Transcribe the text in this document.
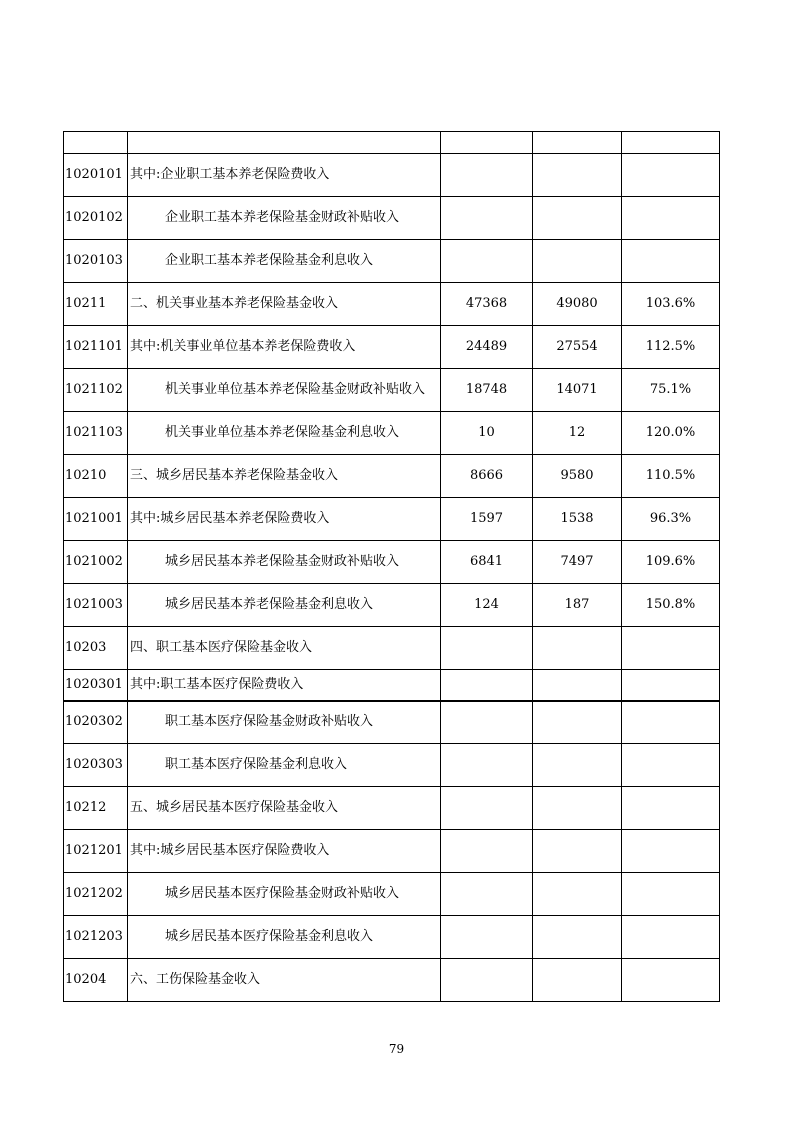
1020101	其中:企业职工基本养老保险费收入			
1020102	企业职工基本养老保险基金财政补贴收入			
1020103	企业职工基本养老保险基金利息收入			
10211	二、机关事业基本养老保险基金收入	47368	49080	103.6%
1021101	其中:机关事业单位基本养老保险费收入	24489	27554	112.5%
1021102	机关事业单位基本养老保险基金财政补贴收入	18748	14071	75.1%
1021103	机关事业单位基本养老保险基金利息收入	10	12	120.0%
10210	三、城乡居民基本养老保险基金收入	8666	9580	110.5%
1021001	其中:城乡居民基本养老保险费收入	1597	1538	96.3%
1021002	城乡居民基本养老保险基金财政补贴收入	6841	7497	109.6%
1021003	城乡居民基本养老保险基金利息收入	124	187	150.8%
10203	四、职工基本医疗保险基金收入			
1020301	其中:职工基本医疗保险费收入			
1020302	职工基本医疗保险基金财政补贴收入			
1020303	职工基本医疗保险基金利息收入			
10212	五、城乡居民基本医疗保险基金收入			
1021201	其中:城乡居民基本医疗保险费收入			
1021202	城乡居民基本医疗保险基金财政补贴收入			
1021203	城乡居民基本医疗保险基金利息收入			
10204	六、工伤保险基金收入			
79
